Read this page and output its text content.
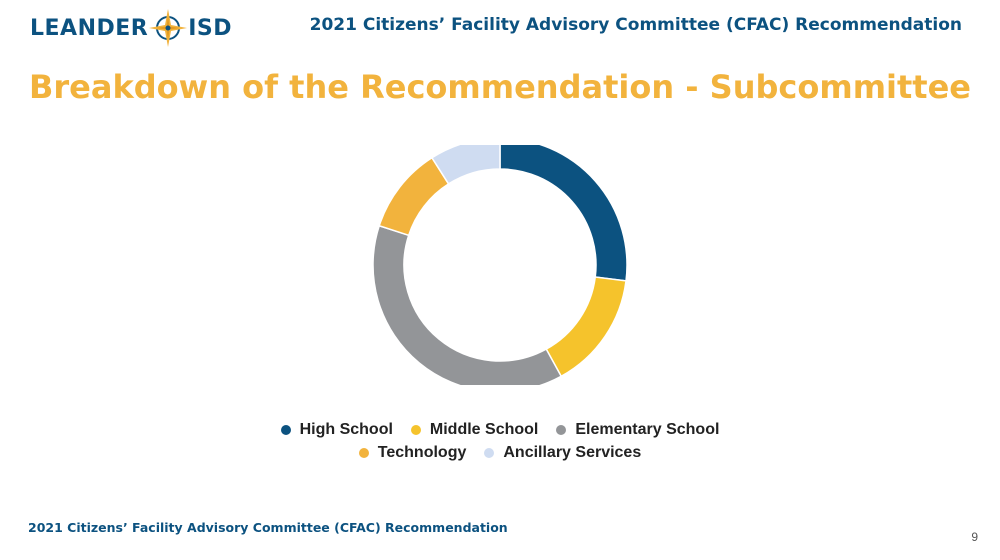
LEANDER ISD	2021 Citizens’ Facility Advisory Committee (CFAC) Recommendation
Breakdown of the Recommendation - Subcommittee
High School Middle School Elementary School
Technology Ancillary Services
2021 Citizens’ Facility Advisory Committee (CFAC) Recommendation
9
